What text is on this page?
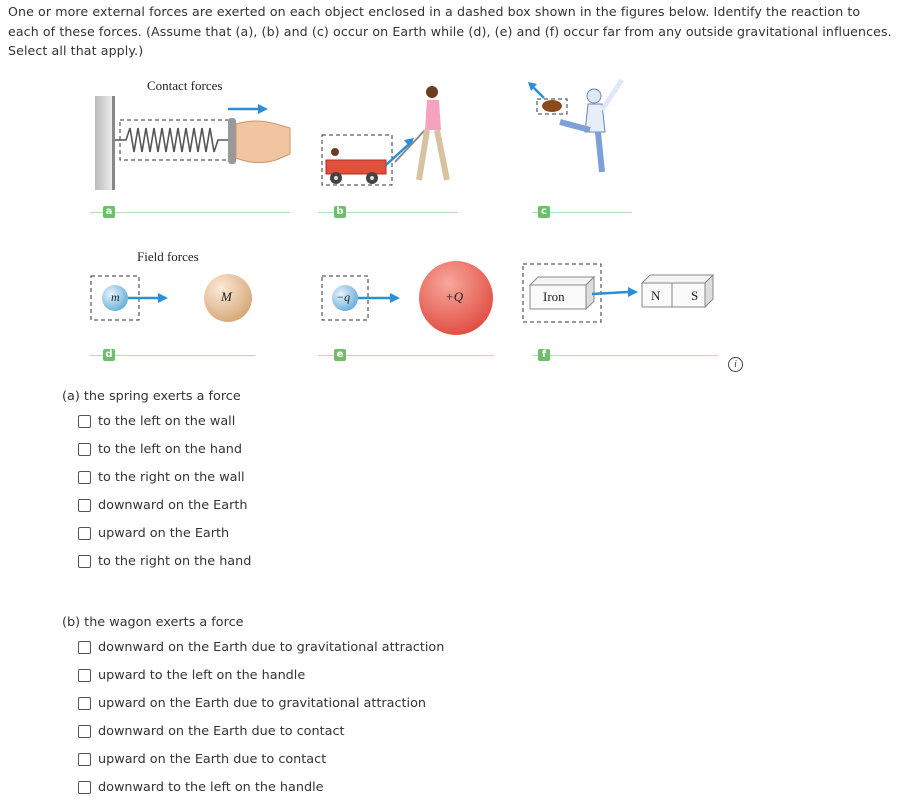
One or more external forces are exerted on each object enclosed in a dashed box shown in the figures below. Identify the reaction to each of these forces. (Assume that (a), (b) and (c) occur on Earth while (d), (e) and (f) occur far from any outside gravitational influences. Select all that apply.)
Contact forces
Field forces
m	M	−q	+Q	Iron	N S
a	b	c
d	e	f
i
(a) the spring exerts a force
to the left on the wall
to the left on the hand
to the right on the wall
downward on the Earth
upward on the Earth
to the right on the hand
(b) the wagon exerts a force
downward on the Earth due to gravitational attraction
upward to the left on the handle
upward on the Earth due to gravitational attraction
downward on the Earth due to contact
upward on the Earth due to contact
downward to the left on the handle
